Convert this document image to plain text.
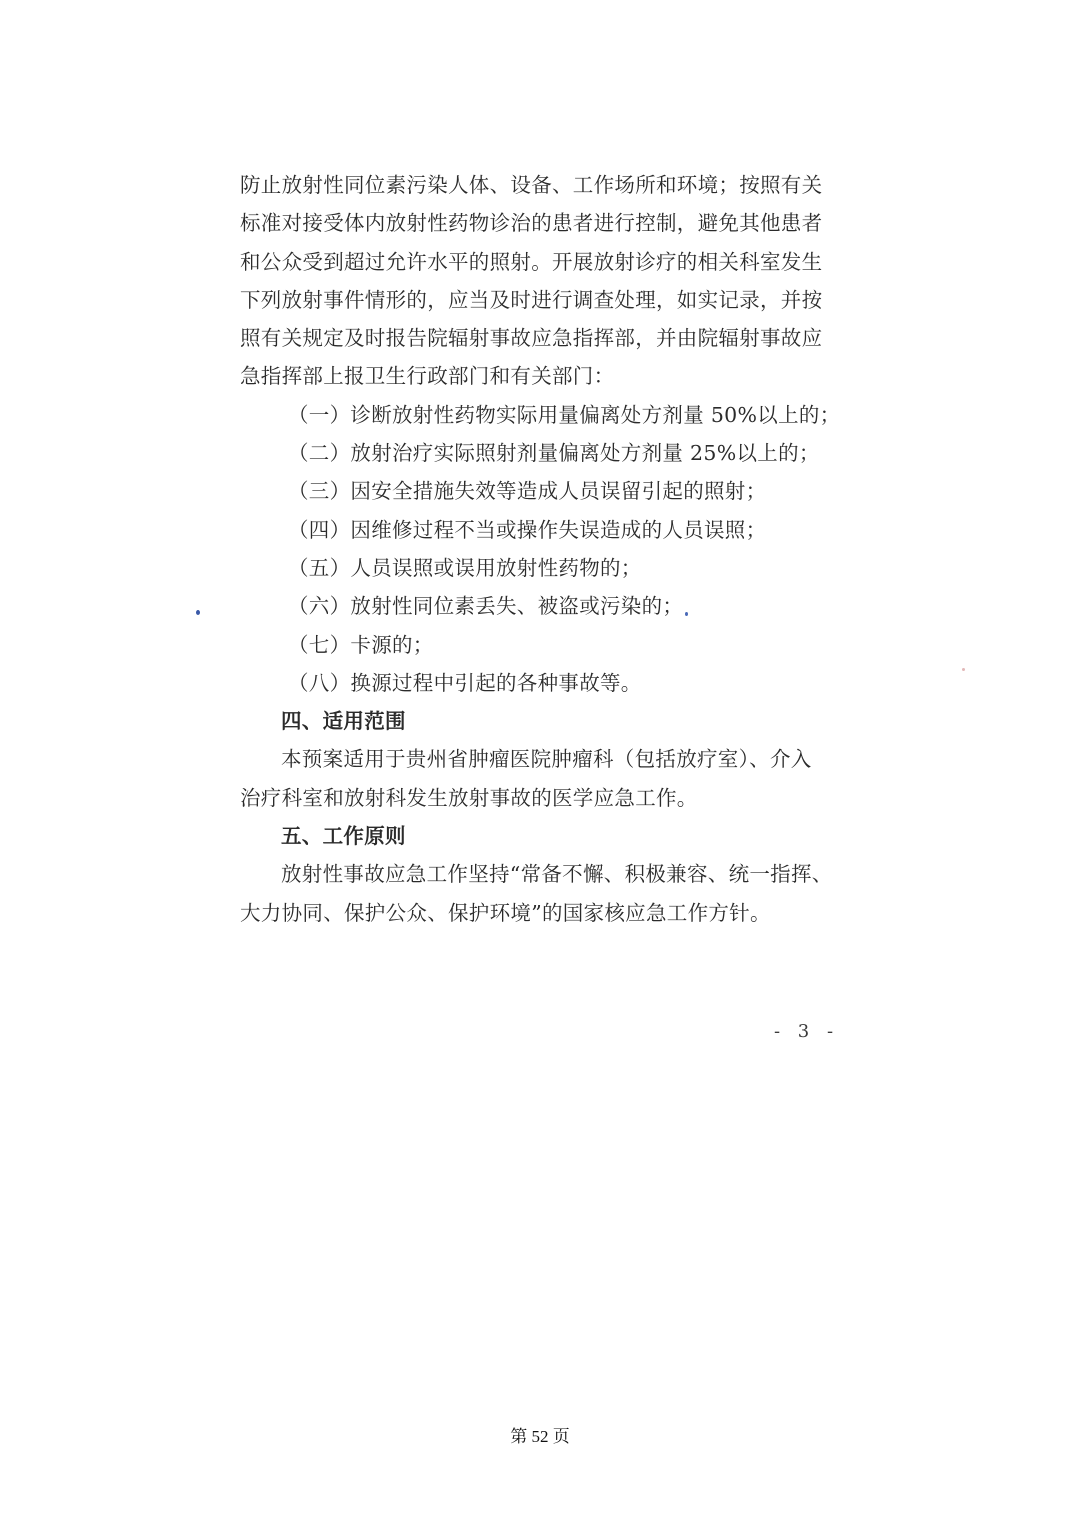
防止放射性同位素污染人体、设备、工作场所和环境；按照有关
标准对接受体内放射性药物诊治的患者进行控制，避免其他患者
和公众受到超过允许水平的照射。开展放射诊疗的相关科室发生
下列放射事件情形的，应当及时进行调查处理，如实记录，并按
照有关规定及时报告院辐射事故应急指挥部，并由院辐射事故应
急指挥部上报卫生行政部门和有关部门：
（一）诊断放射性药物实际用量偏离处方剂量 50%以上的；
（二）放射治疗实际照射剂量偏离处方剂量 25%以上的；
（三）因安全措施失效等造成人员误留引起的照射；
（四）因维修过程不当或操作失误造成的人员误照；
（五）人员误照或误用放射性药物的；
（六）放射性同位素丢失、被盗或污染的；
（七）卡源的；
（八）换源过程中引起的各种事故等。
四、适用范围
本预案适用于贵州省肿瘤医院肿瘤科（包括放疗室）、介入
治疗科室和放射科发生放射事故的医学应急工作。
五、工作原则
放射性事故应急工作坚持“常备不懈、积极兼容、统一指挥、
大力协同、保护公众、保护环境”的国家核应急工作方针。
- 3 -
第 52 页
